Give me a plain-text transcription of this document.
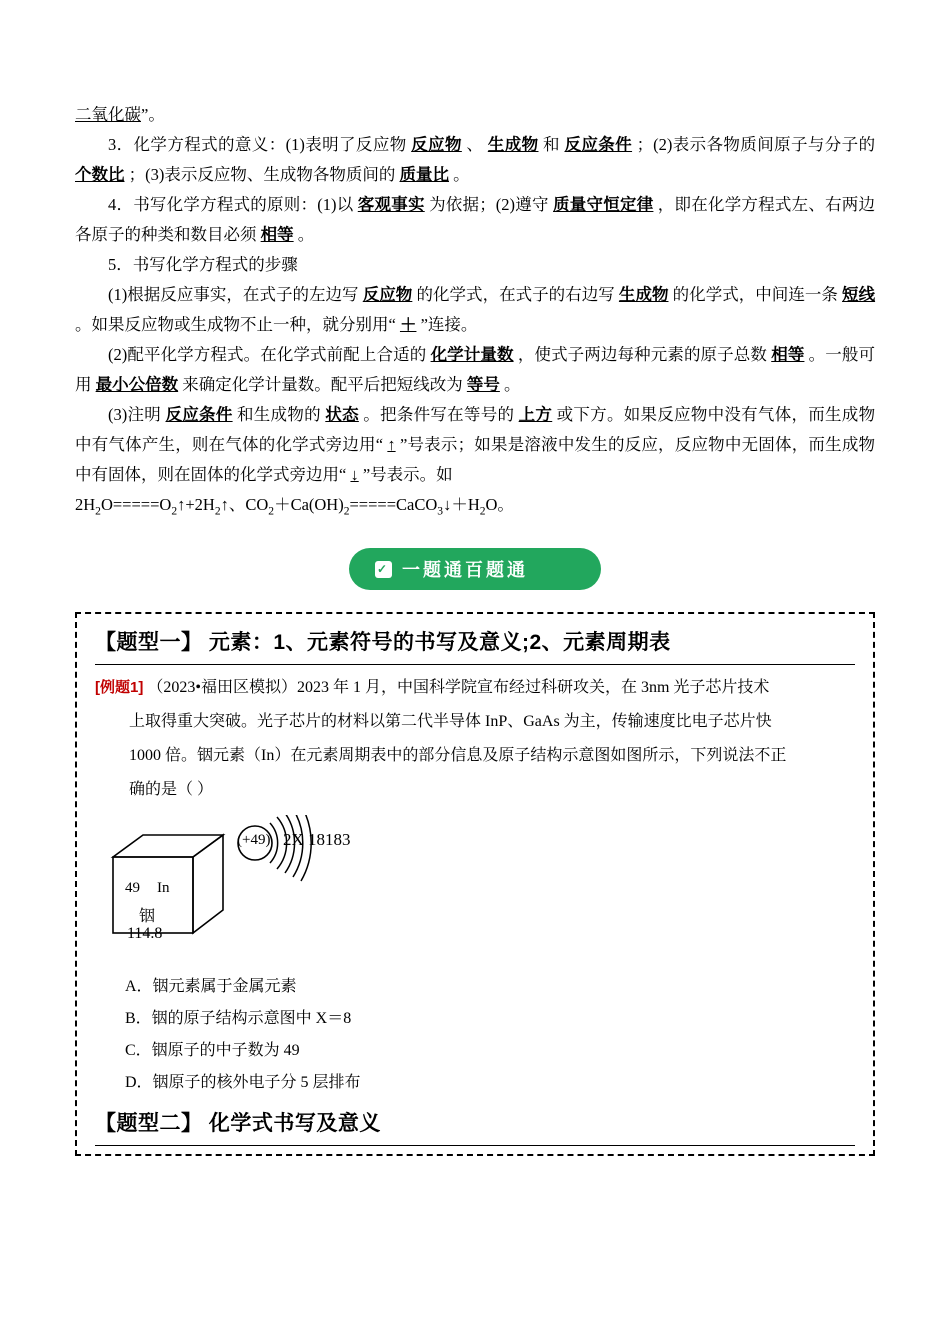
二氧化碳”。
3．化学方程式的意义：(1)表明了反应物 反应物 、 生成物 和 反应条件 ；(2)表示各物质间原子与分子的 个数比 ；(3)表示反应物、生成物各物质间的 质量比 。
4．书写化学方程式的原则：(1)以 客观事实 为依据；(2)遵守 质量守恒定律 ，即在化学方程式左、右两边各原子的种类和数目必须 相等 。
5．书写化学方程式的步骤
(1)根据反应事实，在式子的左边写 反应物 的化学式，在式子的右边写 生成物 的化学式，中间连一条 短线 。如果反应物或生成物不止一种，就分别用“ ＋ ”连接。
(2)配平化学方程式。在化学式前配上合适的 化学计量数 ，使式子两边每种元素的原子总数 相等 。一般可用 最小公倍数 来确定化学计量数。配平后把短线改为 等号 。
(3)注明 反应条件 和生成物的 状态 。把条件写在等号的 上方 或下方。如果反应物中没有气体，而生成物中有气体产生，则在气体的化学式旁边用“ ↑ ”号表示；如果是溶液中发生的反应，反应物中无固体，而生成物中有固体，则在固体的化学式旁边用“ ↓ ”号表示。如
$2H_2O=====O_2↑+2H_2↑$、$CO_2+Ca(OH)_2=====CaCO_3↓+H_2O$。
✓ 一题通百题通
【题型一】 元素：1、元素符号的书写及意义;2、元素周期表
[例题1] （2023•福田区模拟）2023 年 1 月，中国科学院宣布经过科研攻关，在 3nm 光子芯片技术
上取得重大突破。光子芯片的材料以第二代半导体 InP、GaAs 为主，传输速度比电子芯片快
1000 倍。铟元素（In）在元素周期表中的部分信息及原子结构示意图如图所示，下列说法不正
确的是（ ）
49 In
铟
114.8
(+49) 2X 18183
A．铟元素属于金属元素
B．铟的原子结构示意图中 X＝8
C．铟原子的中子数为 49
D．铟原子的核外电子分 5 层排布
【题型二】 化学式书写及意义
